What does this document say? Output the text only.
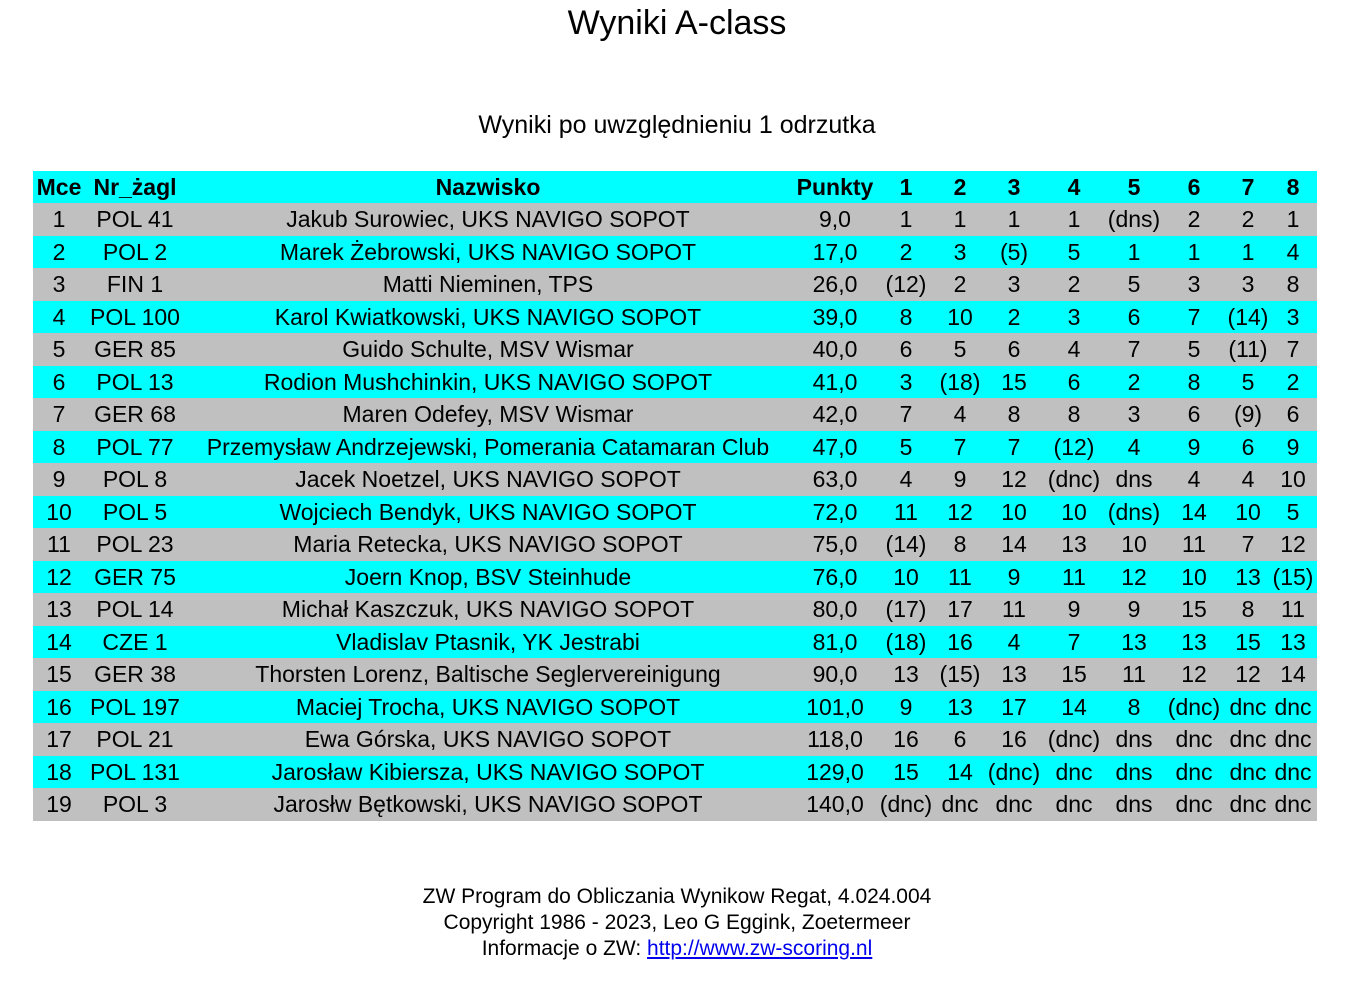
Wyniki A-class
Wyniki po uwzględnieniu 1 odrzutka
Mce	Nr_żagl	Nazwisko	Punkty	1	2	3	4	5	6	7	8
1	POL 41	Jakub Surowiec, UKS NAVIGO SOPOT	9,0	1	1	1	1	(dns)	2	2	1
2	POL 2	Marek Żebrowski, UKS NAVIGO SOPOT	17,0	2	3	(5)	5	1	1	1	4
3	FIN 1	Matti Nieminen, TPS	26,0	(12)	2	3	2	5	3	3	8
4	POL 100	Karol Kwiatkowski, UKS NAVIGO SOPOT	39,0	8	10	2	3	6	7	(14)	3
5	GER 85	Guido Schulte, MSV Wismar	40,0	6	5	6	4	7	5	(11)	7
6	POL 13	Rodion Mushchinkin, UKS NAVIGO SOPOT	41,0	3	(18)	15	6	2	8	5	2
7	GER 68	Maren Odefey, MSV Wismar	42,0	7	4	8	8	3	6	(9)	6
8	POL 77	Przemysław Andrzejewski, Pomerania Catamaran Club	47,0	5	7	7	(12)	4	9	6	9
9	POL 8	Jacek Noetzel, UKS NAVIGO SOPOT	63,0	4	9	12	(dnc)	dns	4	4	10
10	POL 5	Wojciech Bendyk, UKS NAVIGO SOPOT	72,0	11	12	10	10	(dns)	14	10	5
11	POL 23	Maria Retecka, UKS NAVIGO SOPOT	75,0	(14)	8	14	13	10	11	7	12
12	GER 75	Joern Knop, BSV Steinhude	76,0	10	11	9	11	12	10	13	(15)
13	POL 14	Michał Kaszczuk, UKS NAVIGO SOPOT	80,0	(17)	17	11	9	9	15	8	11
14	CZE 1	Vladislav Ptasnik, YK Jestrabi	81,0	(18)	16	4	7	13	13	15	13
15	GER 38	Thorsten Lorenz, Baltische Seglervereinigung	90,0	13	(15)	13	15	11	12	12	14
16	POL 197	Maciej Trocha, UKS NAVIGO SOPOT	101,0	9	13	17	14	8	(dnc)	dnc	dnc
17	POL 21	Ewa Górska, UKS NAVIGO SOPOT	118,0	16	6	16	(dnc)	dns	dnc	dnc	dnc
18	POL 131	Jarosław Kibiersza, UKS NAVIGO SOPOT	129,0	15	14	(dnc)	dnc	dns	dnc	dnc	dnc
19	POL 3	Jarosłw Bętkowski, UKS NAVIGO SOPOT	140,0	(dnc)	dnc	dnc	dnc	dns	dnc	dnc	dnc
ZW Program do Obliczania Wynikow Regat, 4.024.004
Copyright 1986 - 2023, Leo G Eggink, Zoetermeer
Informacje o ZW: http://www.zw-scoring.nl
